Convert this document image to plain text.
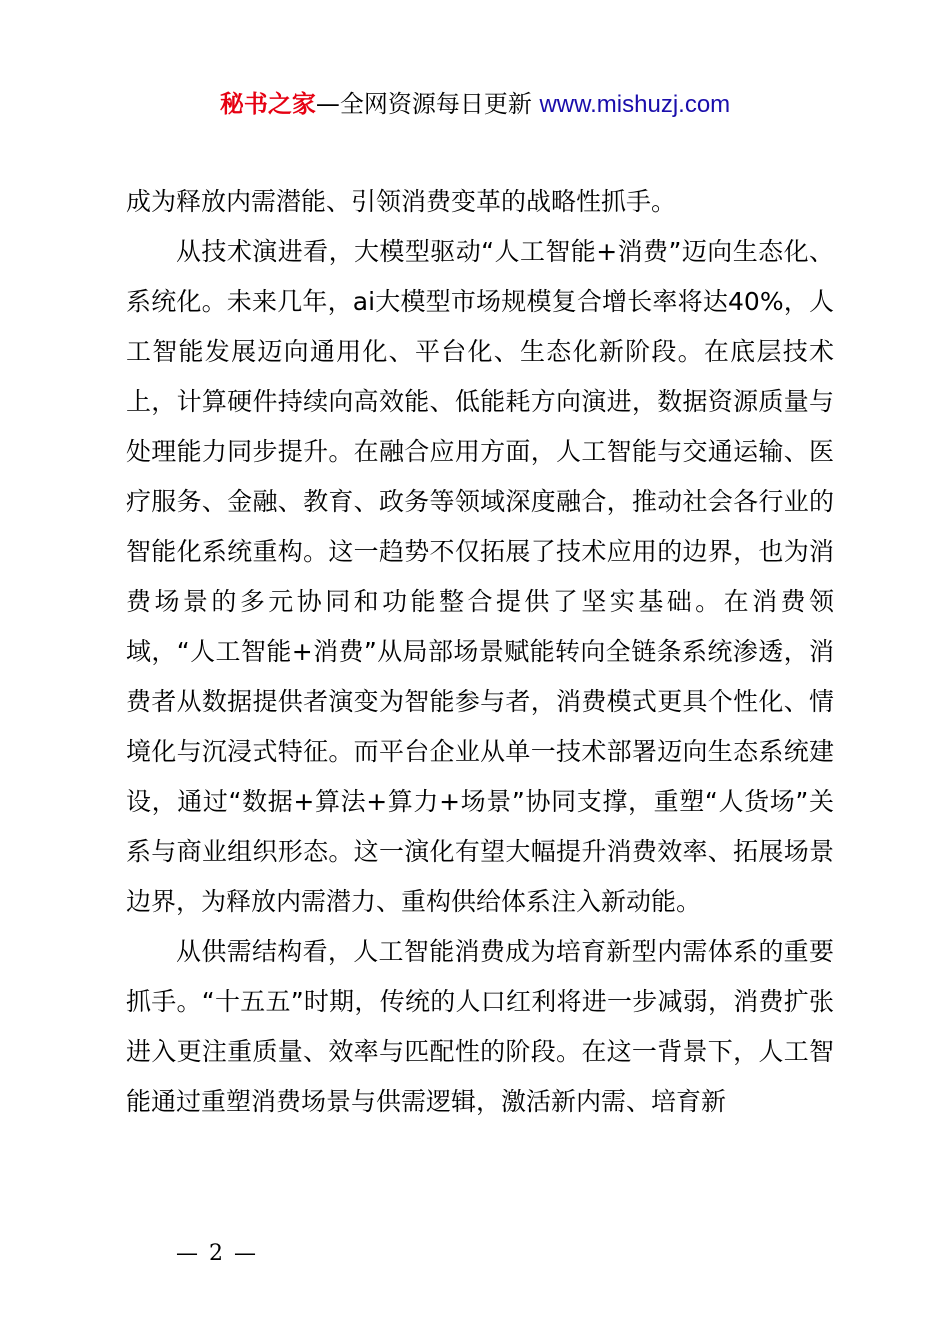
秘书之家—全网资源每日更新 www.mishuzj.com

成为释放内需潜能、引领消费变革的战略性抓手。

从技术演进看，大模型驱动“人工智能+消费”迈向生态化、系统化。未来几年，ai大模型市场规模复合增长率将达40%，人工智能发展迈向通用化、平台化、生态化新阶段。在底层技术上，计算硬件持续向高效能、低能耗方向演进，数据资源质量与处理能力同步提升。在融合应用方面，人工智能与交通运输、医疗服务、金融、教育、政务等领域深度融合，推动社会各行业的智能化系统重构。这一趋势不仅拓展了技术应用的边界，也为消费场景的多元协同和功能整合提供了坚实基础。在消费领域，“人工智能+消费”从局部场景赋能转向全链条系统渗透，消费者从数据提供者演变为智能参与者，消费模式更具个性化、情境化与沉浸式特征。而平台企业从单一技术部署迈向生态系统建设，通过“数据+算法+算力+场景”协同支撑，重塑“人货场”关系与商业组织形态。这一演化有望大幅提升消费效率、拓展场景边界，为释放内需潜力、重构供给体系注入新动能。

从供需结构看，人工智能消费成为培育新型内需体系的重要抓手。“十五五”时期，传统的人口红利将进一步减弱，消费扩张进入更注重质量、效率与匹配性的阶段。在这一背景下，人工智能通过重塑消费场景与供需逻辑，激活新内需、培育新

— 2 —
